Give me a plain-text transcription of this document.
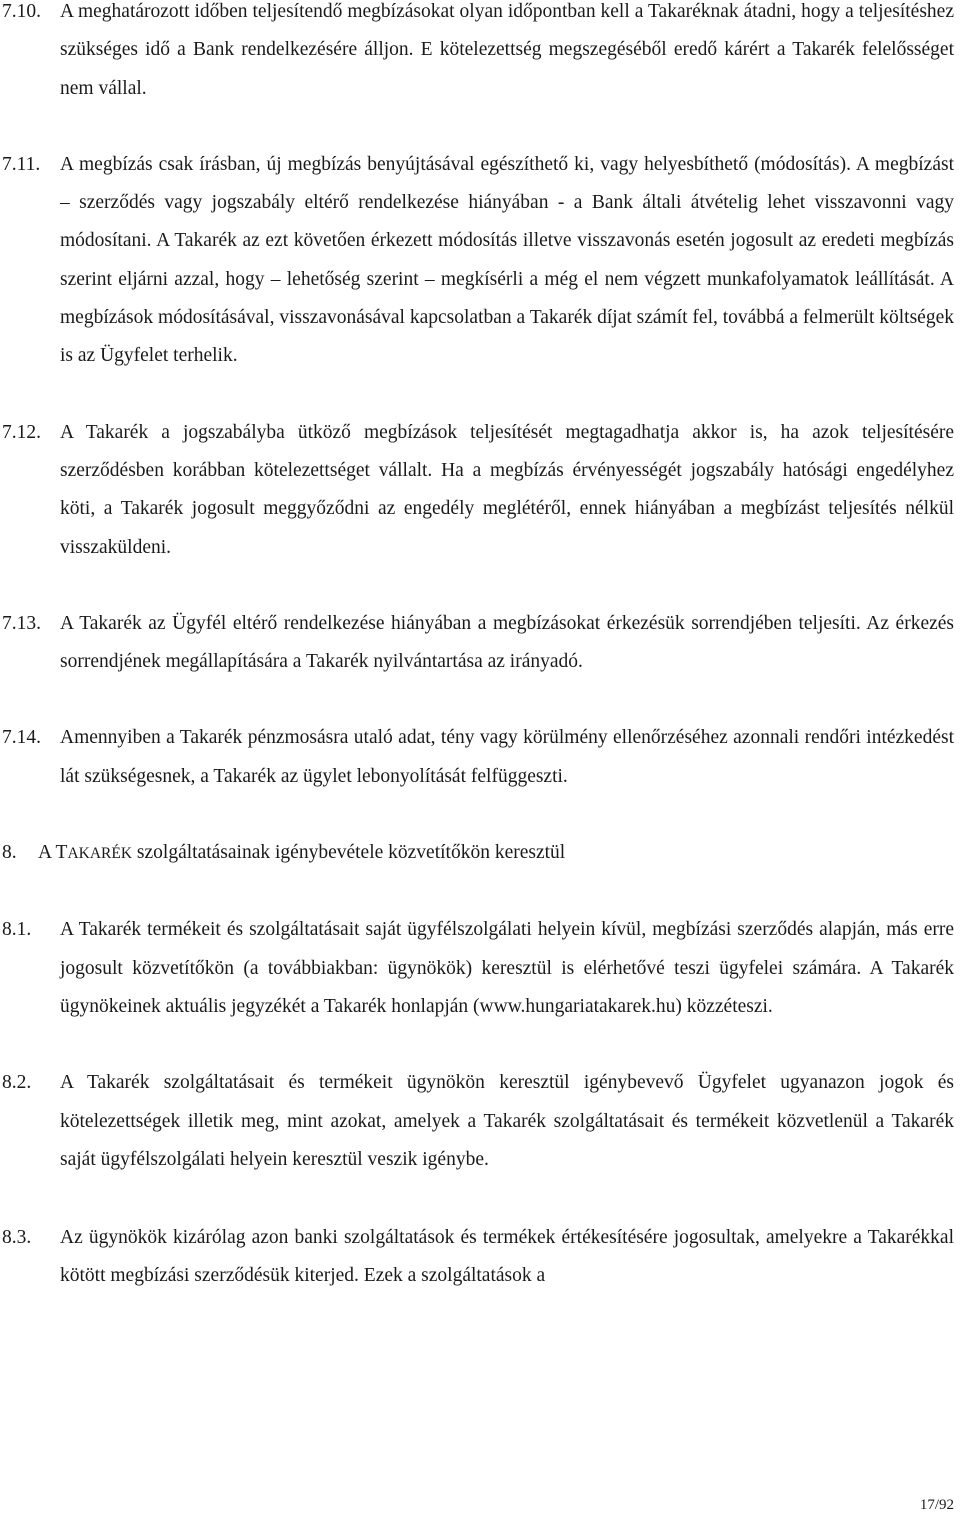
7.10. A meghatározott időben teljesítendő megbízásokat olyan időpontban kell a Takaréknak átadni, hogy a teljesítéshez szükséges idő a Bank rendelkezésére álljon. E kötelezettség megszegéséből eredő kárért a Takarék felelősséget nem vállal.
7.11. A megbízás csak írásban, új megbízás benyújtásával egészíthető ki, vagy helyesbíthető (módosítás). A megbízást – szerződés vagy jogszabály eltérő rendelkezése hiányában - a Bank általi átvételig lehet visszavonni vagy módosítani. A Takarék az ezt követően érkezett módosítás illetve visszavonás esetén jogosult az eredeti megbízás szerint eljárni azzal, hogy – lehetőség szerint – megkísérli a még el nem végzett munkafolyamatok leállítását. A megbízások módosításával, visszavonásával kapcsolatban a Takarék díjat számít fel, továbbá a felmerült költségek is az Ügyfelet terhelik.
7.12. A Takarék a jogszabályba ütköző megbízások teljesítését megtagadhatja akkor is, ha azok teljesítésére szerződésben korábban kötelezettséget vállalt. Ha a megbízás érvényességét jogszabály hatósági engedélyhez köti, a Takarék jogosult meggyőződni az engedély meglétéről, ennek hiányában a megbízást teljesítés nélkül visszaküldeni.
7.13. A Takarék az Ügyfél eltérő rendelkezése hiányában a megbízásokat érkezésük sorrendjében teljesíti. Az érkezés sorrendjének megállapítására a Takarék nyilvántartása az irányadó.
7.14. Amennyiben a Takarék pénzmosásra utaló adat, tény vagy körülmény ellenőrzéséhez azonnali rendőri intézkedést lát szükségesnek, a Takarék az ügylet lebonyolítását felfüggeszti.
8. A TAKARÉK szolgáltatásainak igénybevétele közvetítőkön keresztül
8.1. A Takarék termékeit és szolgáltatásait saját ügyfélszolgálati helyein kívül, megbízási szerződés alapján, más erre jogosult közvetítőkön (a továbbiakban: ügynökök) keresztül is elérhetővé teszi ügyfelei számára. A Takarék ügynökeinek aktuális jegyzékét a Takarék honlapján (www.hungariatakarek.hu) közzéteszi.
8.2. A Takarék szolgáltatásait és termékeit ügynökön keresztül igénybevevő Ügyfelet ugyanazon jogok és kötelezettségek illetik meg, mint azokat, amelyek a Takarék szolgáltatásait és termékeit közvetlenül a Takarék saját ügyfélszolgálati helyein keresztül veszik igénybe.
8.3. Az ügynökök kizárólag azon banki szolgáltatások és termékek értékesítésére jogosultak, amelyekre a Takarékkal kötött megbízási szerződésük kiterjed. Ezek a szolgáltatások a
17/92
